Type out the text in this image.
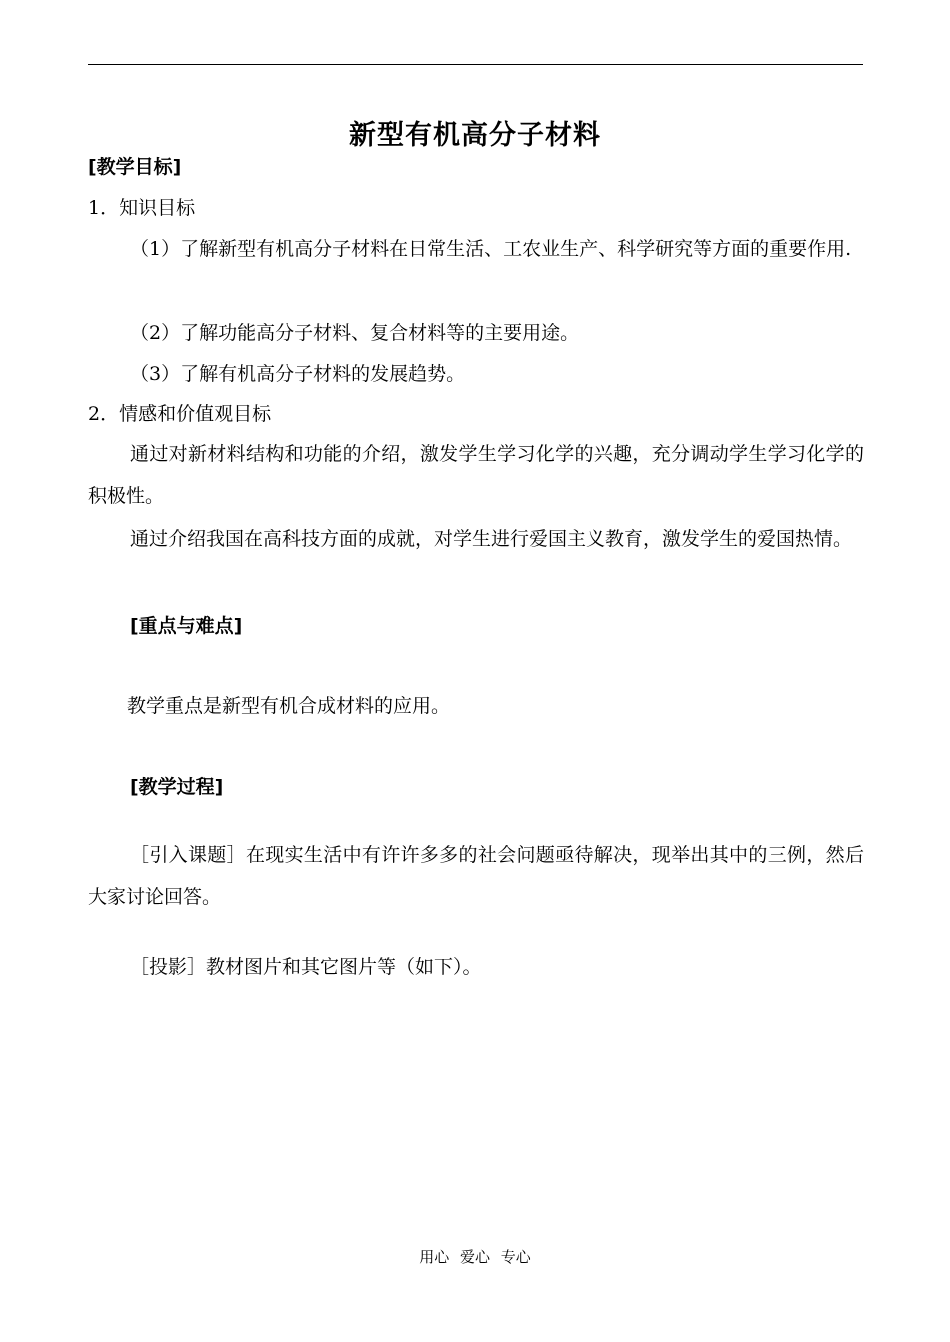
新型有机高分子材料
[教学目标]
1．知识目标
（1）了解新型有机高分子材料在日常生活、工农业生产、科学研究等方面的重要作用.
（2）了解功能高分子材料、复合材料等的主要用途。
（3）了解有机高分子材料的发展趋势。
2．情感和价值观目标
通过对新材料结构和功能的介绍，激发学生学习化学的兴趣，充分调动学生学习化学的积极性。
通过介绍我国在高科技方面的成就，对学生进行爱国主义教育，激发学生的爱国热情。
[重点与难点]
教学重点是新型有机合成材料的应用。
[教学过程]
［引入课题］在现实生活中有许许多多的社会问题亟待解决，现举出其中的三例，然后大家讨论回答。
［投影］教材图片和其它图片等（如下）。
用心 爱心 专心
